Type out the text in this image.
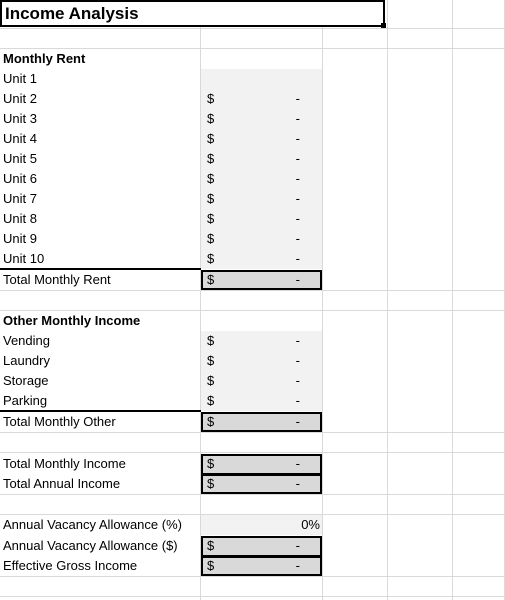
Income Analysis
Monthly Rent
Unit 1
Unit 2	$	-
Unit 3	$	-
Unit 4	$	-
Unit 5	$	-
Unit 6	$	-
Unit 7	$	-
Unit 8	$	-
Unit 9	$	-
Unit 10	$	-
Total Monthly Rent	$	-
Other Monthly Income
Vending	$	-
Laundry	$	-
Storage	$	-
Parking	$	-
Total Monthly Other	$	-
Total Monthly Income	$	-
Total Annual Income	$	-
Annual Vacancy Allowance (%)	0%
Annual Vacancy Allowance ($) $	-
Effective Gross Income	$	-
